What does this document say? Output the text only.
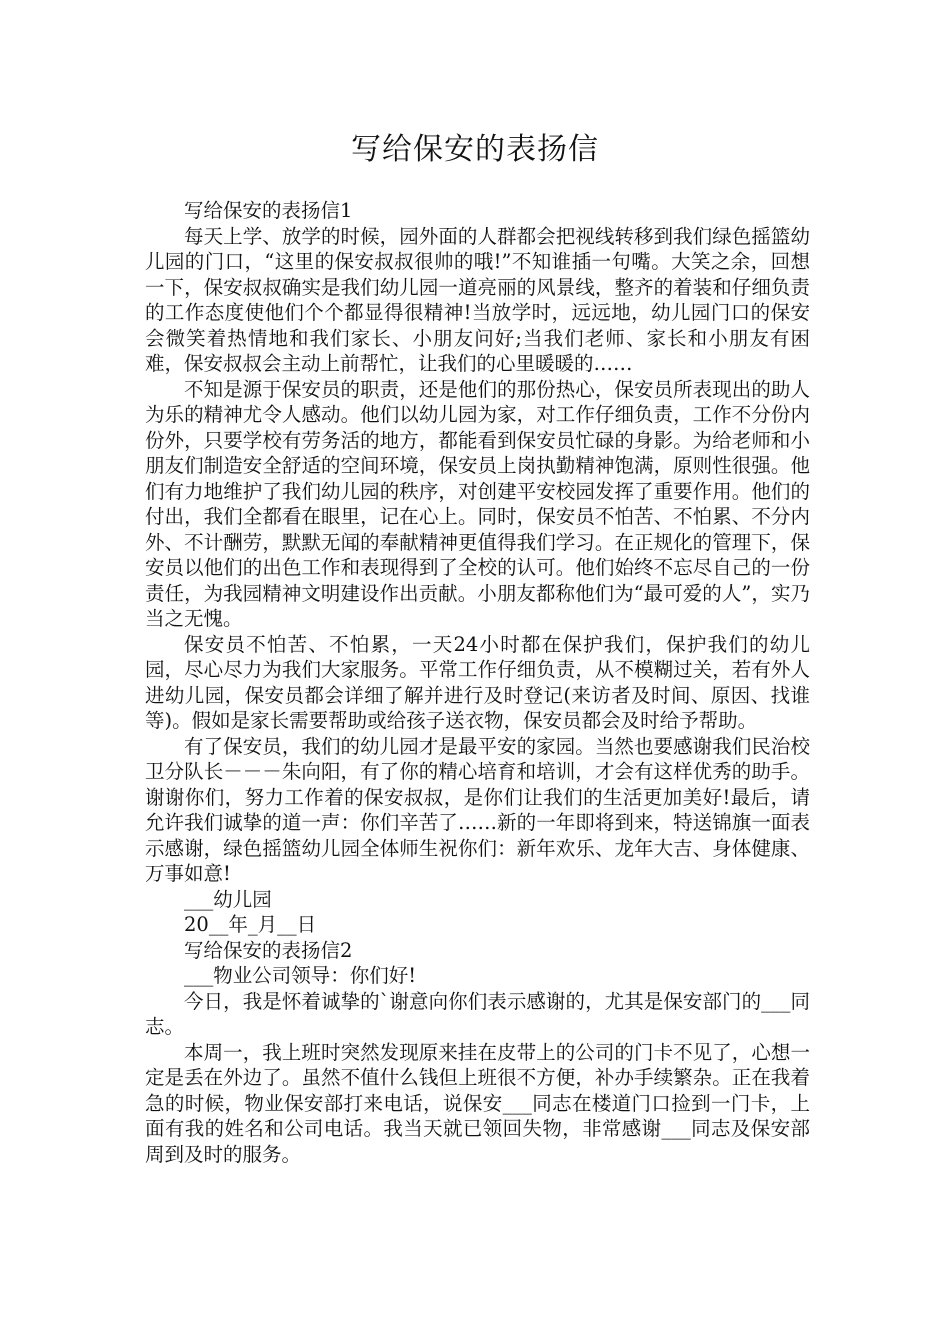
写给保安的表扬信

写给保安的表扬信1

每天上学、放学的时候，园外面的人群都会把视线转移到我们绿色摇篮幼儿园的门口，“这里的保安叔叔很帅的哦!”不知谁插一句嘴。大笑之余，回想一下，保安叔叔确实是我们幼儿园一道亮丽的风景线，整齐的着装和仔细负责的工作态度使他们个个都显得很精神!当放学时，远远地，幼儿园门口的保安会微笑着热情地和我们家长、小朋友问好;当我们老师、家长和小朋友有困难，保安叔叔会主动上前帮忙，让我们的心里暖暖的……

不知是源于保安员的职责，还是他们的那份热心，保安员所表现出的助人为乐的精神尤令人感动。他们以幼儿园为家，对工作仔细负责，工作不分份内份外，只要学校有劳务活的地方，都能看到保安员忙碌的身影。为给老师和小朋友们制造安全舒适的空间环境，保安员上岗执勤精神饱满，原则性很强。他们有力地维护了我们幼儿园的秩序，对创建平安校园发挥了重要作用。他们的付出，我们全都看在眼里，记在心上。同时，保安员不怕苦、不怕累、不分内外、不计酬劳，默默无闻的奉献精神更值得我们学习。在正规化的管理下，保安员以他们的出色工作和表现得到了全校的认可。他们始终不忘尽自己的一份责任，为我园精神文明建设作出贡献。小朋友都称他们为“最可爱的人”，实乃当之无愧。

保安员不怕苦、不怕累，一天24小时都在保护我们，保护我们的幼儿园，尽心尽力为我们大家服务。平常工作仔细负责，从不模糊过关，若有外人进幼儿园，保安员都会详细了解并进行及时登记(来访者及时间、原因、找谁等)。假如是家长需要帮助或给孩子送衣物，保安员都会及时给予帮助。

有了保安员，我们的幼儿园才是最平安的家园。当然也要感谢我们民治校卫分队长－－－朱向阳，有了你的精心培育和培训，才会有这样优秀的助手。谢谢你们，努力工作着的保安叔叔，是你们让我们的生活更加美好!最后，请允许我们诚挚的道一声：你们辛苦了……新的一年即将到来，特送锦旗一面表示感谢，绿色摇篮幼儿园全体师生祝你们：新年欢乐、龙年大吉、身体健康、万事如意!

___幼儿园

20__年_月__日

写给保安的表扬信2

___物业公司领导：你们好!

今日，我是怀着诚挚的`谢意向你们表示感谢的，尤其是保安部门的___同志。

本周一，我上班时突然发现原来挂在皮带上的公司的门卡不见了，心想一定是丢在外边了。虽然不值什么钱但上班很不方便，补办手续繁杂。正在我着急的时候，物业保安部打来电话，说保安___同志在楼道门口捡到一门卡，上面有我的姓名和公司电话。我当天就已领回失物，非常感谢___同志及保安部周到及时的服务。
